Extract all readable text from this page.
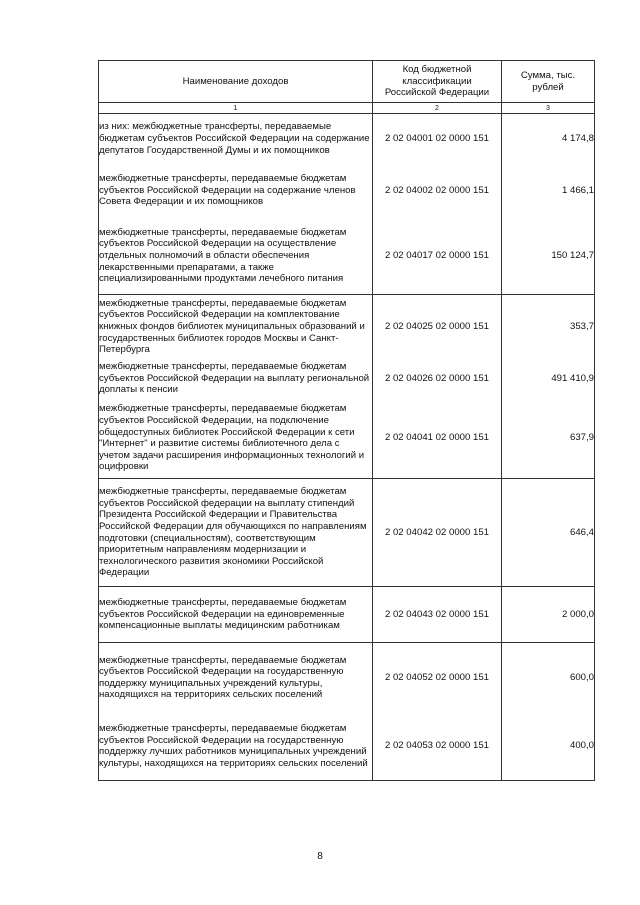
Наименование доходов	Код бюджетной классификации Российской Федерации	Сумма, тыс. рублей
1	2	3
из них: межбюджетные трансферты, передаваемые бюджетам субъектов Российской Федерации на содержание депутатов Государственной Думы и их помощников	2 02 04001 02 0000 151	4 174,8
межбюджетные трансферты, передаваемые бюджетам субъектов Российской Федерации на содержание членов Совета Федерации и их помощников	2 02 04002 02 0000 151	1 466,1
межбюджетные трансферты, передаваемые бюджетам субъектов Российской Федерации на осуществление отдельных полномочий в области обеспечения лекарственными препаратами, а также специализированными продуктами лечебного питания	2 02 04017 02 0000 151	150 124,7
межбюджетные трансферты, передаваемые бюджетам субъектов Российской Федерации на комплектование книжных фондов библиотек муниципальных образований и государственных библиотек городов Москвы и Санкт-Петербурга	2 02 04025 02 0000 151	353,7
межбюджетные трансферты, передаваемые бюджетам субъектов Российской Федерации на выплату региональной доплаты к пенсии	2 02 04026 02 0000 151	491 410,9
межбюджетные трансферты, передаваемые бюджетам субъектов Российской Федерации, на подключение общедоступных библиотек Российской Федерации к сети "Интернет" и развитие системы библиотечного дела с учетом задачи расширения информационных технологий и оцифровки	2 02 04041 02 0000 151	637,9
межбюджетные трансферты, передаваемые бюджетам субъектов Российской федерации на выплату стипендий Президента Российской Федерации и Правительства Российской Федерации для обучающихся по направлениям подготовки (специальностям), соответствующим приоритетным направлениям модернизации и технологического развития экономики Российской Федерации	2 02 04042 02 0000 151	646,4
межбюджетные трансферты, передаваемые бюджетам субъектов Российской Федерации на единовременные компенсационные выплаты медицинским работникам	2 02 04043 02 0000 151	2 000,0
межбюджетные трансферты, передаваемые бюджетам субъектов Российской Федерации на государственную поддержку муниципальных учреждений культуры, находящихся на территориях сельских поселений	2 02 04052 02 0000 151	600,0
межбюджетные трансферты, передаваемые бюджетам субъектов Российской Федерации на государственную поддержку лучших работников муниципальных учреждений культуры, находящихся на территориях сельских поселений	2 02 04053 02 0000 151	400,0
8
